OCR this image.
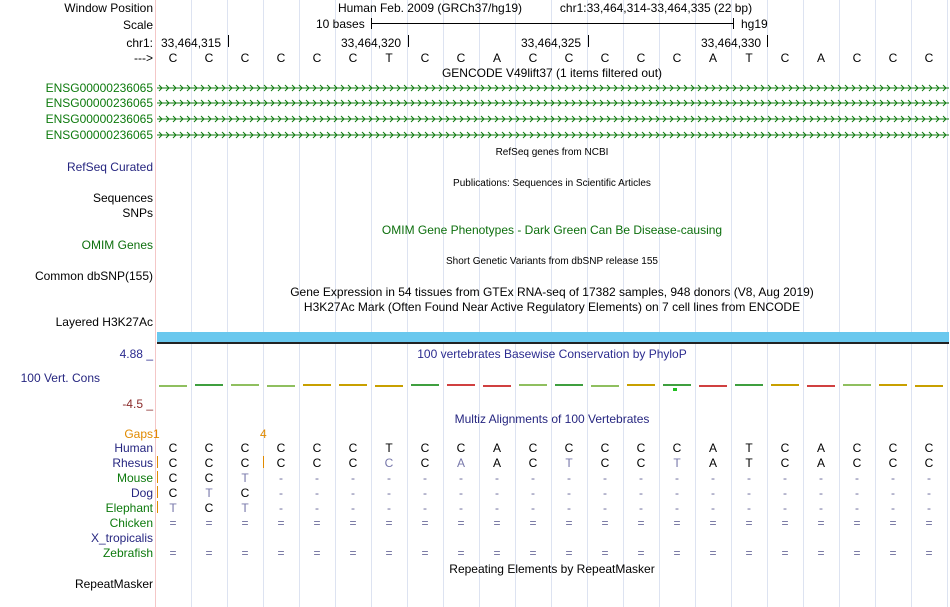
Window Position
Scale
chr1:
--->
Human Feb. 2009 (GRCh37/hg19)	chr1:33,464,314-33,464,335 (22 bp)
10 bases	hg19
33,464,315	33,464,320	33,464,325	33,464,330
C	C	C	C	C	C	T	C	C	A	C	C	C	C	C	A	T	C	A	C	C	C
GENCODE V49lift37 (1 items filtered out)
ENSG00000236065
ENSG00000236065
ENSG00000236065
ENSG00000236065
RefSeq genes from NCBI
RefSeq Curated
Publications: Sequences in Scientific Articles
Sequences
SNPs
OMIM Gene Phenotypes - Dark Green Can Be Disease-causing
OMIM Genes
Short Genetic Variants from dbSNP release 155
Common dbSNP(155)
Gene Expression in 54 tissues from GTEx RNA-seq of 17382 samples, 948 donors (V8, Aug 2019)
H3K27Ac Mark (Often Found Near Active Regulatory Elements) on 7 cell lines from ENCODE
Layered H3K27Ac
100 vertebrates Basewise Conservation by PhyloP
4.88 _
100 Vert. Cons
-4.5 _
Multiz Alignments of 100 Vertebrates
Gaps 1	4
Human	C	C	C	C	C	C	T	C	C	A	C	C	C	C	C	A	T	C	A	C	C	C
Rhesus	C	C	C	C	C	C	C	C	A	A	C	T	C	C	T	A	T	C	A	C	C	C
Mouse	C	C	T	-	-	-	-	-	-	-	-	-	-	-	-	-	-	-	-	-	-	-
Dog	C	T	C	-	-	-	-	-	-	-	-	-	-	-	-	-	-	-	-	-	-	-
Elephant	T	C	T	-	-	-	-	-	-	-	-	-	-	-	-	-	-	-	-	-	-	-
Chicken	=	=	=	=	=	=	=	=	=	=	=	=	=	=	=	=	=	=	=	=	=	=
X_tropicalis
Zebrafish	=	=	=	=	=	=	=	=	=	=	=	=	=	=	=	=	=	=	=	=	=	=
Repeating Elements by RepeatMasker
RepeatMasker
